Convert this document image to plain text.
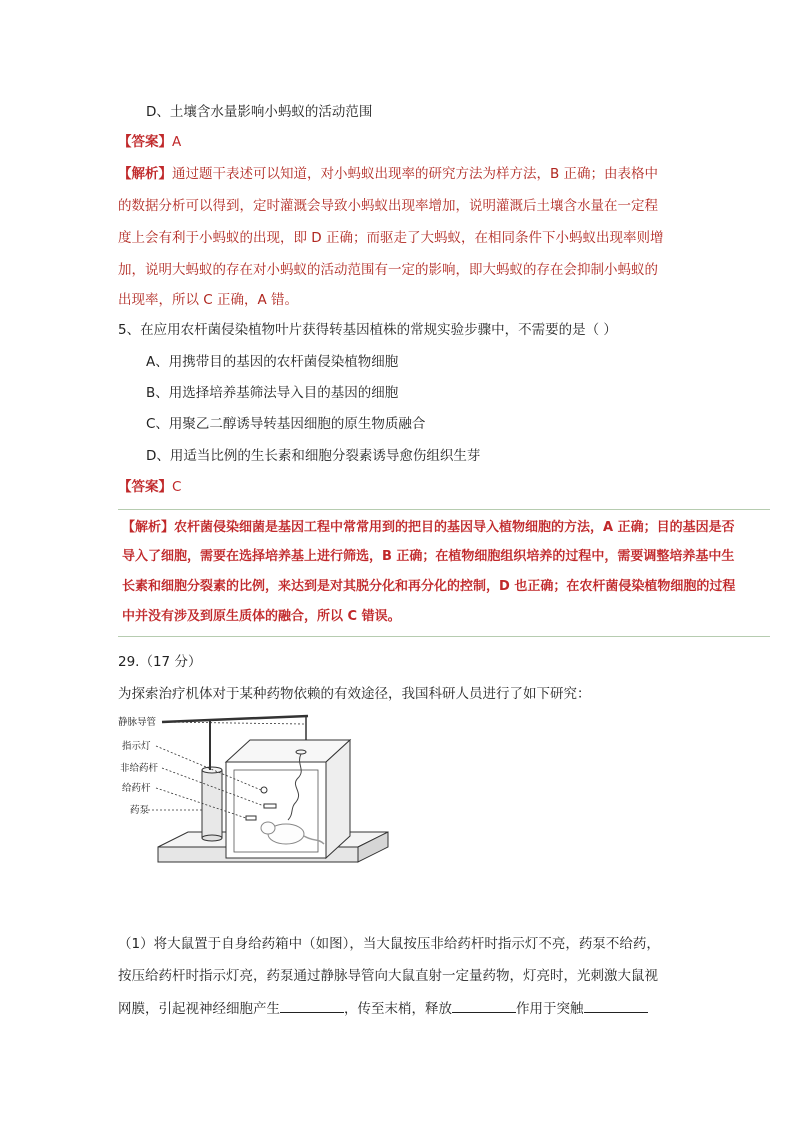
D、土壤含水量影响小蚂蚁的活动范围
【答案】A
【解析】通过题干表述可以知道，对小蚂蚁出现率的研究方法为样方法，B 正确；由表格中
的数据分析可以得到，定时灌溉会导致小蚂蚁出现率增加，说明灌溉后土壤含水量在一定程
度上会有利于小蚂蚁的出现，即 D 正确；而驱走了大蚂蚁，在相同条件下小蚂蚁出现率则增
加，说明大蚂蚁的存在对小蚂蚁的活动范围有一定的影响，即大蚂蚁的存在会抑制小蚂蚁的
出现率，所以 C 正确，A 错。
5、在应用农杆菌侵染植物叶片获得转基因植株的常规实验步骤中，不需要的是（ ）
A、用携带目的基因的农杆菌侵染植物细胞
B、用选择培养基筛法导入目的基因的细胞
C、用聚乙二醇诱导转基因细胞的原生物质融合
D、用适当比例的生长素和细胞分裂素诱导愈伤组织生芽
【答案】C
【解析】农杆菌侵染细菌是基因工程中常常用到的把目的基因导入植物细胞的方法，A 正确；目的基因是否
导入了细胞，需要在选择培养基上进行筛选，B 正确；在植物细胞组织培养的过程中，需要调整培养基中生
长素和细胞分裂素的比例，来达到是对其脱分化和再分化的控制，D 也正确；在农杆菌侵染植物细胞的过程
中并没有涉及到原生质体的融合，所以 C 错误。
29.（17 分）
为探索治疗机体对于某种药物依赖的有效途径，我国科研人员进行了如下研究：
静脉导管
指示灯
非给药杆
给药杆
药泵
（1）将大鼠置于自身给药箱中（如图），当大鼠按压非给药杆时指示灯不亮，药泵不给药，
按压给药杆时指示灯亮，药泵通过静脉导管向大鼠直射一定量药物，灯亮时，光刺激大鼠视
网膜，引起视神经细胞产生	，传至末梢，释放	作用于突触
